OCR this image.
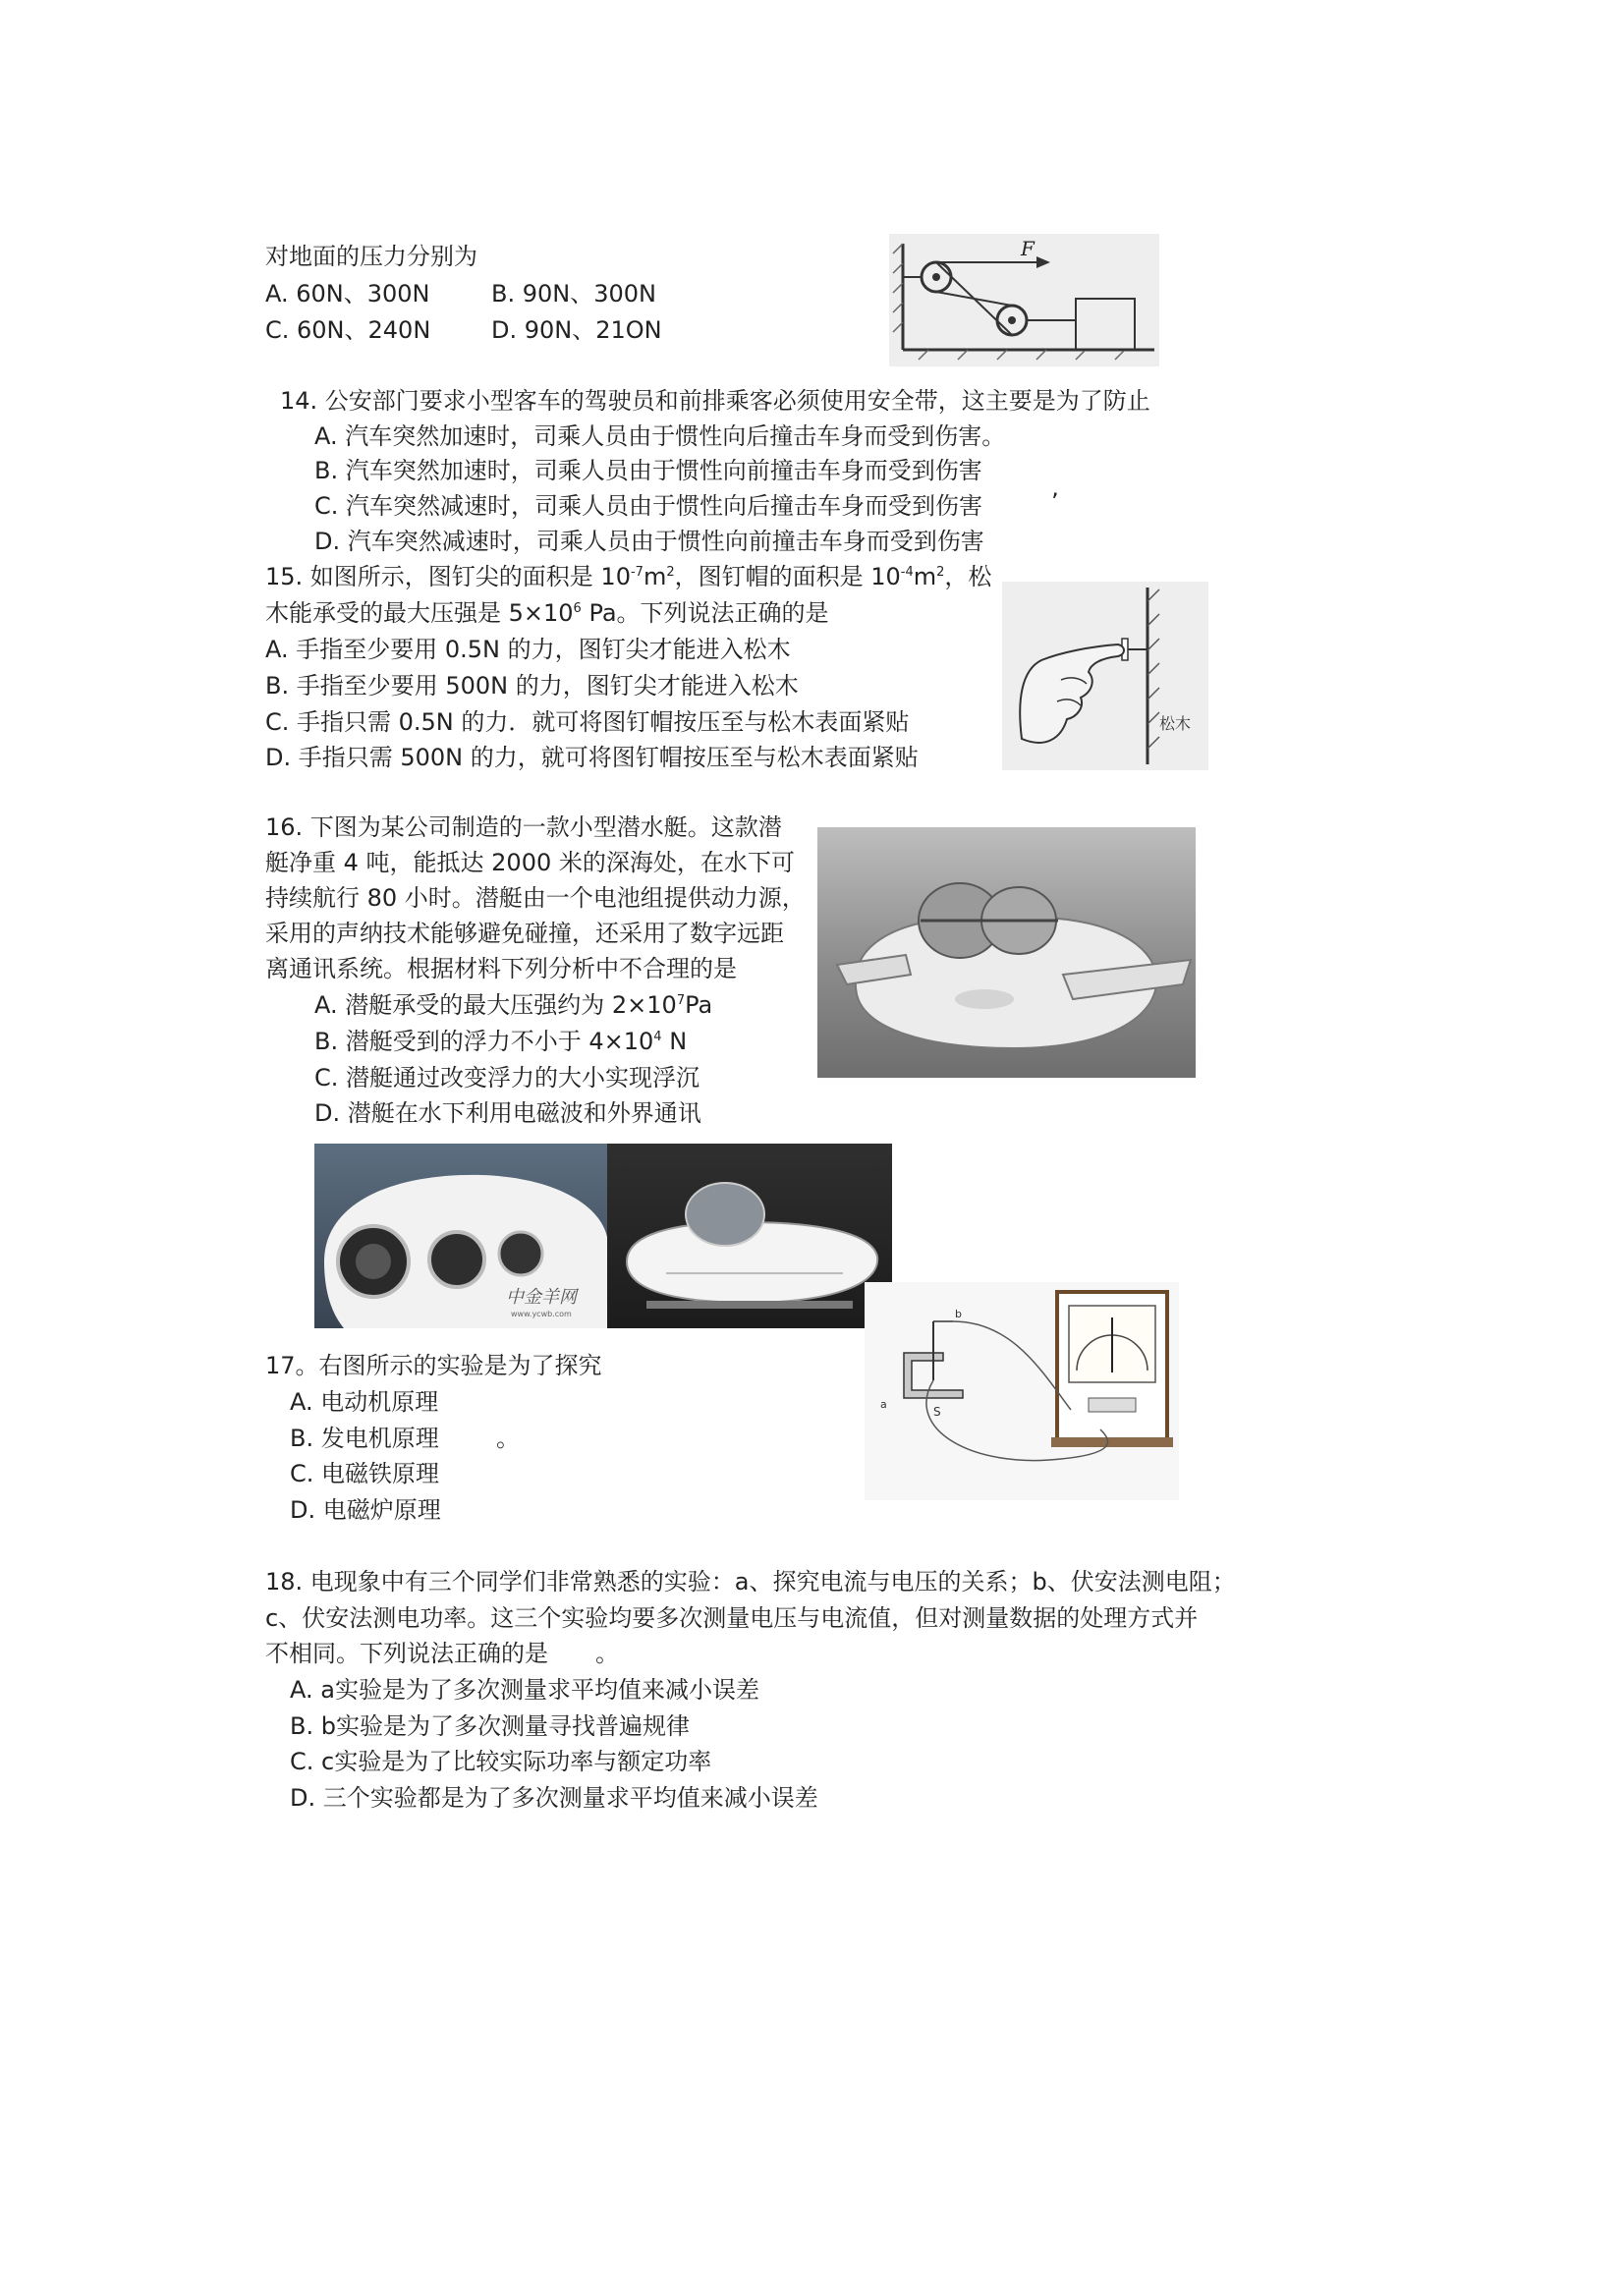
对地面的压力分别为
A. 60N、300N	B. 90N、300N
C. 60N、240N	D. 90N、21ON
F
14. 公安部门要求小型客车的驾驶员和前排乘客必须使用安全带，这主要是为了防止
A. 汽车突然加速时，司乘人员由于惯性向后撞击车身而受到伤害。
B. 汽车突然加速时，司乘人员由于惯性向前撞击车身而受到伤害
C. 汽车突然减速时，司乘人员由于惯性向后撞击车身而受到伤害	’
D. 汽车突然减速时，司乘人员由于惯性向前撞击车身而受到伤害
15. 如图所示，图钉尖的面积是 $10^{-7}m^2$，图钉帽的面积是 $10^{-4}m^2$，松
木能承受的最大压强是 $5\times 10^6$ Pa。下列说法正确的是
A. 手指至少要用 0.5N 的力，图钉尖才能进入松木
B. 手指至少要用 500N 的力，图钉尖才能进入松木
C. 手指只需 0.5N 的力．就可将图钉帽按压至与松木表面紧贴
D. 手指只需 500N 的力，就可将图钉帽按压至与松木表面紧贴
松木
16. 下图为某公司制造的一款小型潜水艇。这款潜
艇净重 4 吨，能抵达 2000 米的深海处，在水下可
持续航行 80 小时。潜艇由一个电池组提供动力源，
采用的声纳技术能够避免碰撞，还采用了数字远距
离通讯系统。根据材料下列分析中不合理的是
A. 潜艇承受的最大压强约为 $2\times 10^7Pa$
B. 潜艇受到的浮力不小于 $4\times 10^4$ N
C. 潜艇通过改变浮力的大小实现浮沉
D. 潜艇在水下利用电磁波和外界通讯
中金羊网
www.ycwb.com
17。右图所示的实验是为了探究
A. 电动机原理
B. 发电机原理 。
C. 电磁铁原理
D. 电磁炉原理
a
b
S
18. 电现象中有三个同学们非常熟悉的实验：a、探究电流与电压的关系；b、伏安法测电阻；
c、伏安法测电功率。这三个实验均要多次测量电压与电流值，但对测量数据的处理方式并
不相同。下列说法正确的是　　。
A. a实验是为了多次测量求平均值来减小误差
B. b实验是为了多次测量寻找普遍规律
C. c实验是为了比较实际功率与额定功率
D. 三个实验都是为了多次测量求平均值来减小误差
